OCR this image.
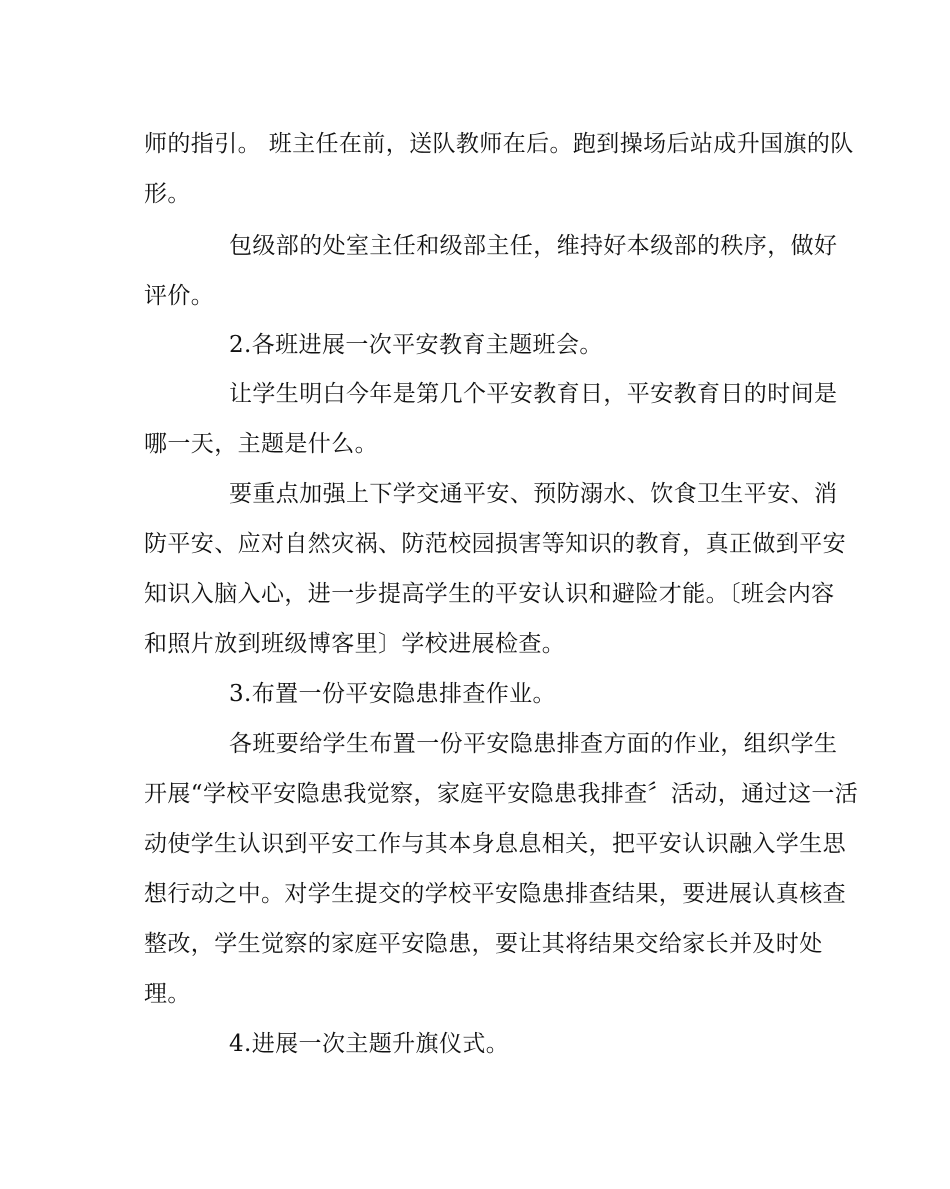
师的指引。 班主任在前，送队教师在后。跑到操场后站成升国旗的队
形。
包级部的处室主任和级部主任，维持好本级部的秩序，做好
评价。
2.各班进展一次平安教育主题班会。
让学生明白今年是第几个平安教育日，平安教育日的时间是
哪一天，主题是什么。
要重点加强上下学交通平安、预防溺水、饮食卫生平安、消
防平安、应对自然灾祸、防范校园损害等知识的教育，真正做到平安
知识入脑入心，进一步提高学生的平安认识和避险才能。〔班会内容
和照片放到班级博客里〕学校进展检查。
3.布置一份平安隐患排查作业。
各班要给学生布置一份平安隐患排查方面的作业，组织学生
开展“学校平安隐患我觉察，家庭平安隐患我排查〞活动，通过这一活
动使学生认识到平安工作与其本身息息相关，把平安认识融入学生思
想行动之中。对学生提交的学校平安隐患排查结果，要进展认真核查
整改，学生觉察的家庭平安隐患，要让其将结果交给家长并及时处
理。
4.进展一次主题升旗仪式。
